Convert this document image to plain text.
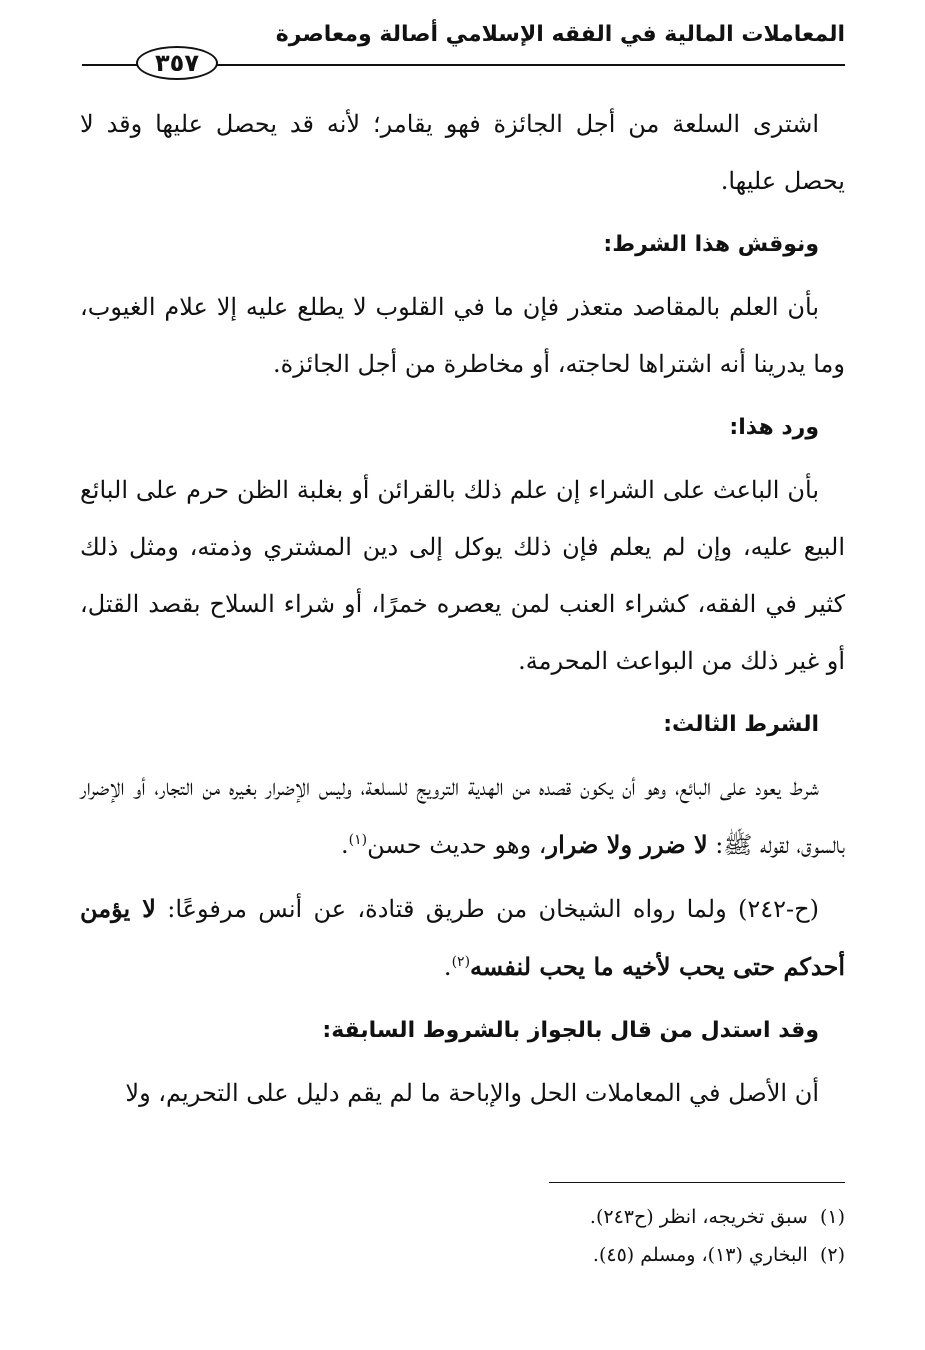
المعاملات المالية في الفقه الإسلامي أصالة ومعاصرة
٣٥٧

اشترى السلعة من أجل الجائزة فهو يقامر؛ لأنه قد يحصل عليها وقد لا يحصل عليها.

ونوقش هذا الشرط:

بأن العلم بالمقاصد متعذر فإن ما في القلوب لا يطلع عليه إلا علام الغيوب، وما يدرينا أنه اشتراها لحاجته، أو مخاطرة من أجل الجائزة.

ورد هذا:

بأن الباعث على الشراء إن علم ذلك بالقرائن أو بغلبة الظن حرم على البائع البيع عليه، وإن لم يعلم فإن ذلك يوكل إلى دين المشتري وذمته، ومثل ذلك كثير في الفقه، كشراء العنب لمن يعصره خمرًا، أو شراء السلاح بقصد القتل، أو غير ذلك من البواعث المحرمة.

الشرط الثالث:

شرط يعود على البائع، وهو أن يكون قصده من الهدية الترويج للسلعة، وليس الإضرار بغيره من التجار، أو الإضرار بالسوق، لقوله ﷺ: لا ضرر ولا ضرار، وهو حديث حسن$^{(١)}$.

(ح-٢٤٢) ولما رواه الشيخان من طريق قتادة، عن أنس مرفوعًا: لا يؤمن أحدكم حتى يحب لأخيه ما يحب لنفسه$^{(٢)}$.

وقد استدل من قال بالجواز بالشروط السابقة:

أن الأصل في المعاملات الحل والإباحة ما لم يقم دليل على التحريم، ولا

(١)  سبق تخريجه، انظر (ح٢٤٣).

(٢)  البخاري (١٣)، ومسلم (٤٥).
